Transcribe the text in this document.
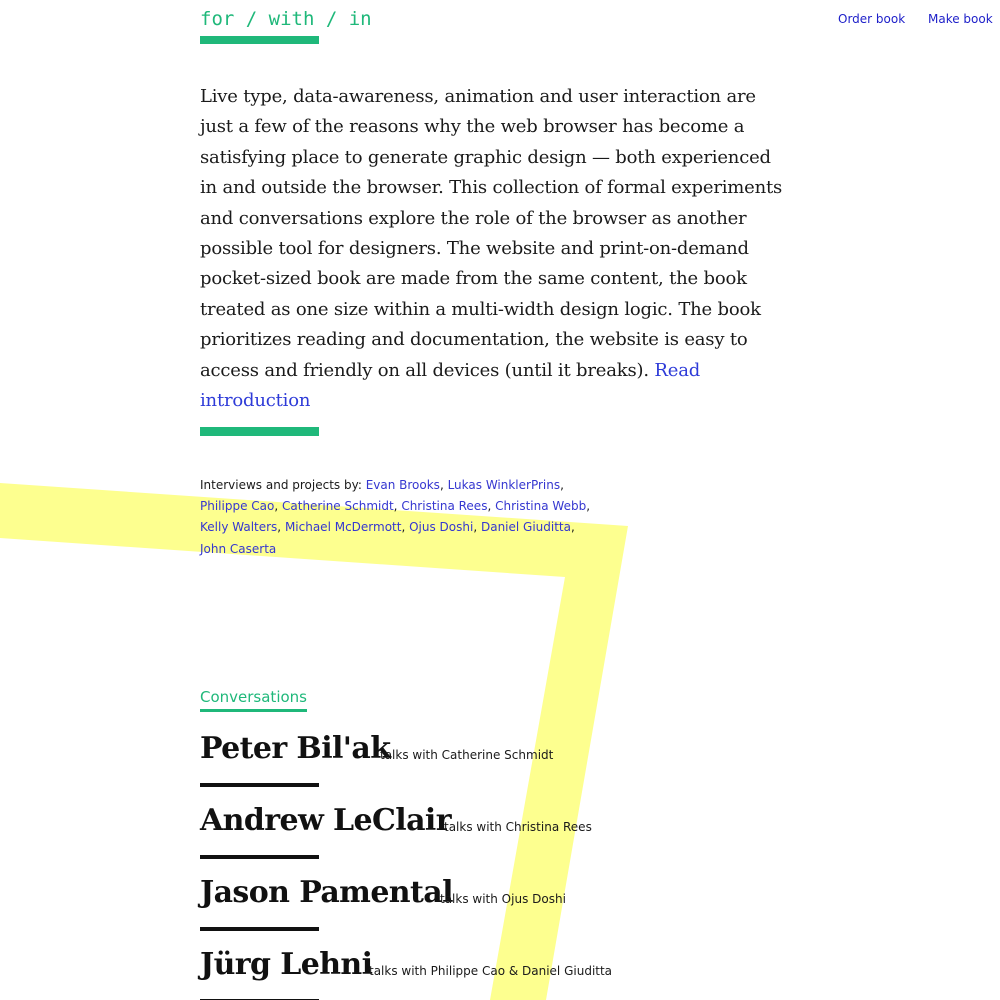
for / with / in	Order book Make book

Live type, data-awareness, animation and user interaction are just a few of the reasons why the web browser has become a satisfying place to generate graphic design — both experienced in and outside the browser. This collection of formal experiments and conversations explore the role of the browser as another possible tool for designers. The website and print-on-demand pocket-sized book are made from the same content, the book treated as one size within a multi-width design logic. The book prioritizes reading and documentation, the website is easy to access and friendly on all devices (until it breaks). Read introduction

Interviews and projects by: Evan Brooks, Lukas WinklerPrins,
Philippe Cao, Catherine Schmidt, Christina Rees, Christina Webb,
Kelly Walters, Michael McDermott, Ojus Doshi, Daniel Giuditta,
John Caserta

Conversations
Peter Bil'ak
talks with Catherine Schmidt
Andrew LeClair
talks with Christina Rees
Jason Pamental
talks with Ojus Doshi
Jürg Lehni
talks with Philippe Cao & Daniel Giuditta
